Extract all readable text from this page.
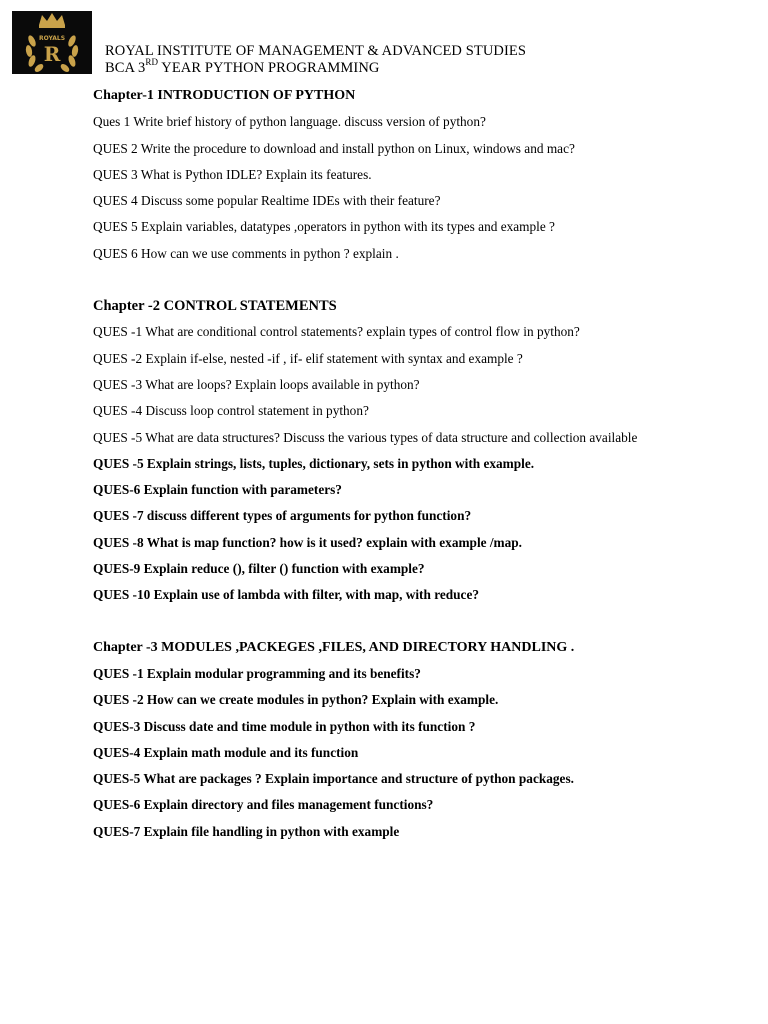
ROYALS
R	ROYAL INSTITUTE OF MANAGEMENT & ADVANCED STUDIES
BCA 3RD YEAR PYTHON PROGRAMMING
Chapter-1 INTRODUCTION OF PYTHON
Ques 1 Write brief history of python language. discuss version of python?
QUES 2 Write the procedure to download and install python on Linux, windows and mac?
QUES 3 What is Python IDLE? Explain its features.
QUES 4 Discuss some popular Realtime IDEs with their feature?
QUES 5 Explain variables, datatypes ,operators in python with its types and example ?
QUES 6 How can we use comments in python ? explain .
Chapter -2 CONTROL STATEMENTS
QUES -1 What are conditional control statements? explain types of control flow in python?
QUES -2 Explain if-else, nested -if , if- elif statement with syntax and example ?
QUES -3 What are loops? Explain loops available in python?
QUES -4 Discuss loop control statement in python?
QUES -5 What are data structures? Discuss the various types of data structure and collection available
QUES -5 Explain strings, lists, tuples, dictionary, sets in python with example.
QUES-6 Explain function with parameters?
QUES -7 discuss different types of arguments for python function?
QUES -8 What is map function? how is it used? explain with example /map.
QUES-9 Explain reduce (), filter () function with example?
QUES -10 Explain use of lambda with filter, with map, with reduce?
Chapter -3 MODULES ,PACKEGES ,FILES, AND DIRECTORY HANDLING .
QUES -1 Explain modular programming and its benefits?
QUES -2 How can we create modules in python? Explain with example.
QUES-3 Discuss date and time module in python with its function ?
QUES-4 Explain math module and its function
QUES-5 What are packages ? Explain importance and structure of python packages.
QUES-6 Explain directory and files management functions?
QUES-7 Explain file handling in python with example
